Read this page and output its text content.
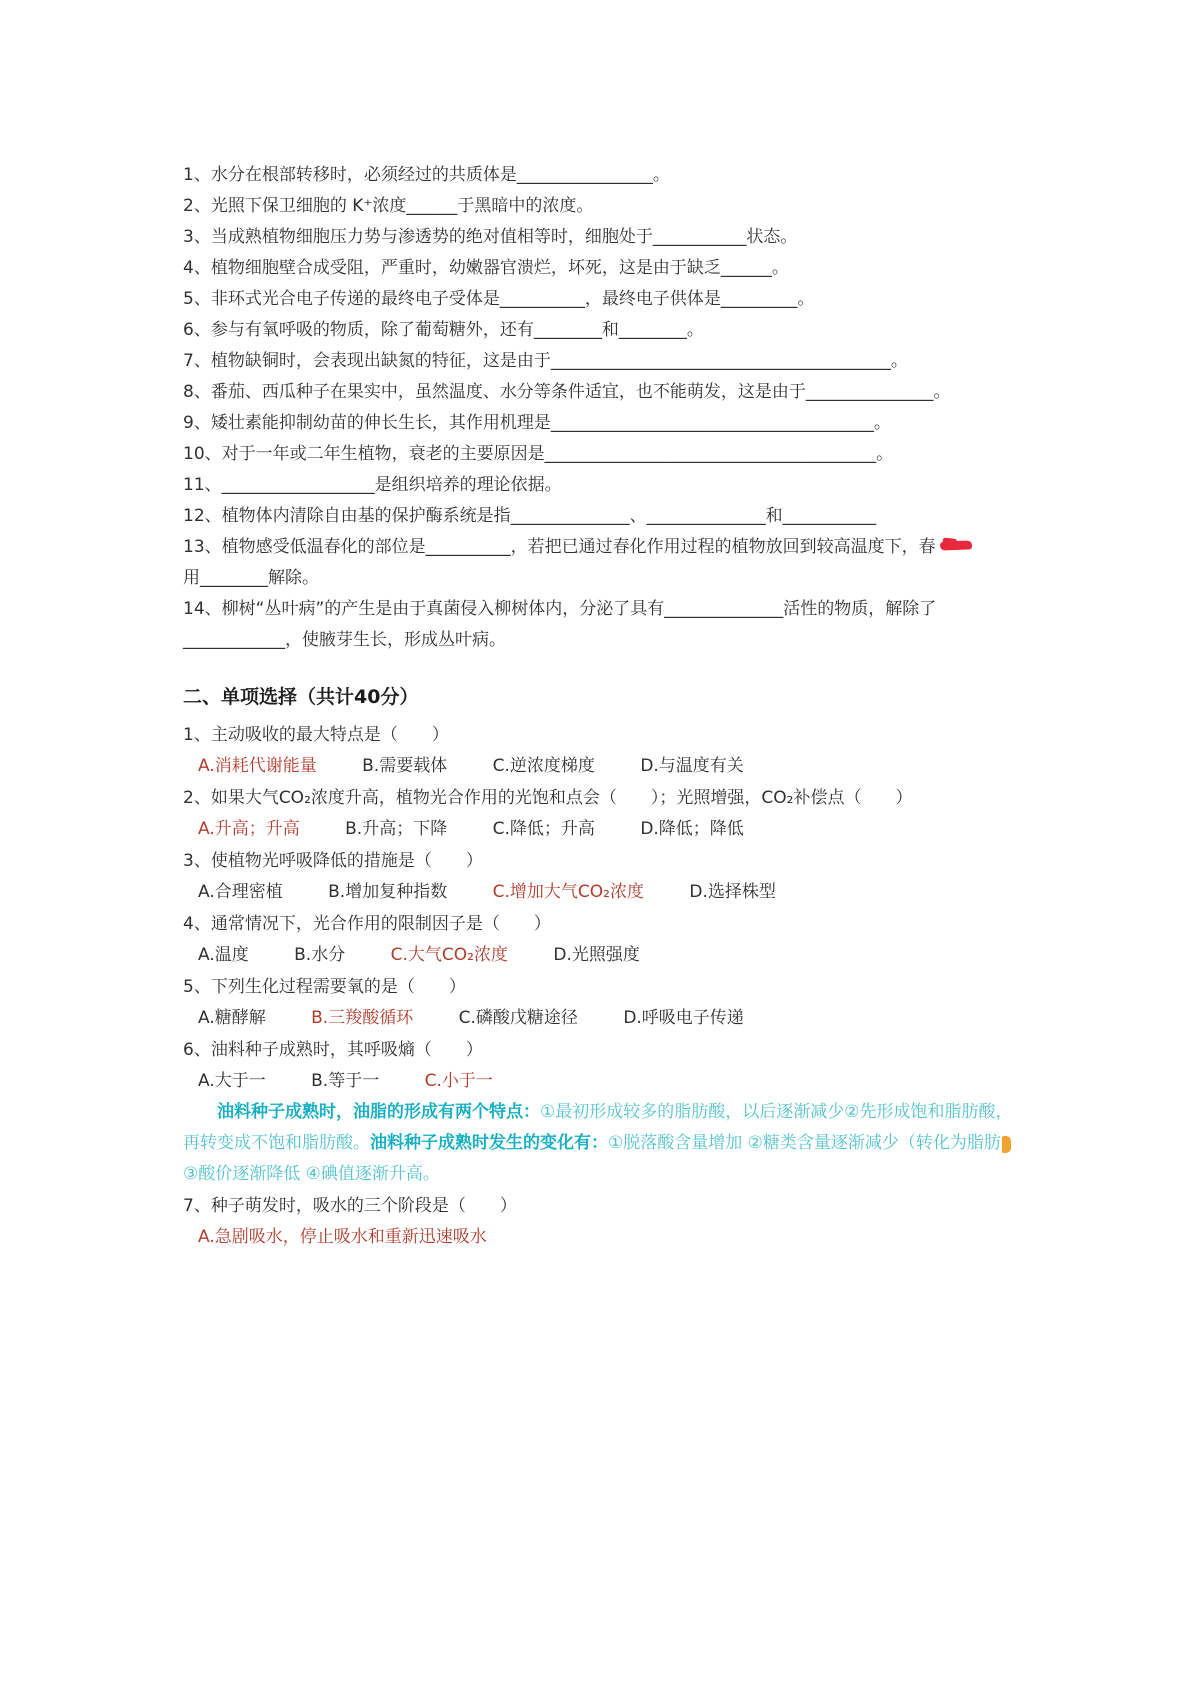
1、水分在根部转移时，必须经过的共质体是________________。
2、光照下保卫细胞的 K⁺浓度______于黑暗中的浓度。
3、当成熟植物细胞压力势与渗透势的绝对值相等时，细胞处于___________状态。
4、植物细胞壁合成受阻，严重时，幼嫩器官溃烂，坏死，这是由于缺乏______。
5、非环式光合电子传递的最终电子受体是__________，最终电子供体是_________。
6、参与有氧呼吸的物质，除了葡萄糖外，还有________和________。
7、植物缺铜时，会表现出缺氮的特征，这是由于________________________________________。
8、番茄、西瓜种子在果实中，虽然温度、水分等条件适宜，也不能萌发，这是由于_______________。
9、矮壮素能抑制幼苗的伸长生长，其作用机理是______________________________________。
10、对于一年或二年生植物，衰老的主要原因是_______________________________________。
11、__________________是组织培养的理论依据。
12、植物体内清除自由基的保护酶系统是指______________、______________和___________
13、植物感受低温春化的部位是__________，若把已通过春化作用过程的植物放回到较高温度下，春
用________解除。
14、柳树“丛叶病”的产生是由于真菌侵入柳树体内，分泌了具有______________活性的物质，解除了
____________，使腋芽生长，形成丛叶病。
二、单项选择（共计40分）
1、主动吸收的最大特点是（　　）
A.消耗代谢能量	B.需要载体	C.逆浓度梯度	D.与温度有关
2、如果大气CO₂浓度升高，植物光合作用的光饱和点会（　　）；光照增强，CO₂补偿点（　　）
A.升高；升高	B.升高；下降	C.降低；升高	D.降低；降低
3、使植物光呼吸降低的措施是（　　）
A.合理密植	B.增加复种指数	C.增加大气CO₂浓度	D.选择株型
4、通常情况下，光合作用的限制因子是（　　）
A.温度	B.水分	C.大气CO₂浓度	D.光照强度
5、下列生化过程需要氧的是（　　）
A.糖酵解	B.三羧酸循环	C.磷酸戊糖途径	D.呼吸电子传递
6、油料种子成熟时，其呼吸熵（　　）
A.大于一	B.等于一	C.小于一
油料种子成熟时，油脂的形成有两个特点：①最初形成较多的脂肪酸，以后逐渐减少②先形成饱和脂肪酸，
再转变成不饱和脂肪酸。油料种子成熟时发生的变化有：①脱落酸含量增加 ②糖类含量逐渐减少（转化为脂肪
③酸价逐渐降低 ④碘值逐渐升高。
7、种子萌发时，吸水的三个阶段是（　　）
A.急剧吸水，停止吸水和重新迅速吸水
